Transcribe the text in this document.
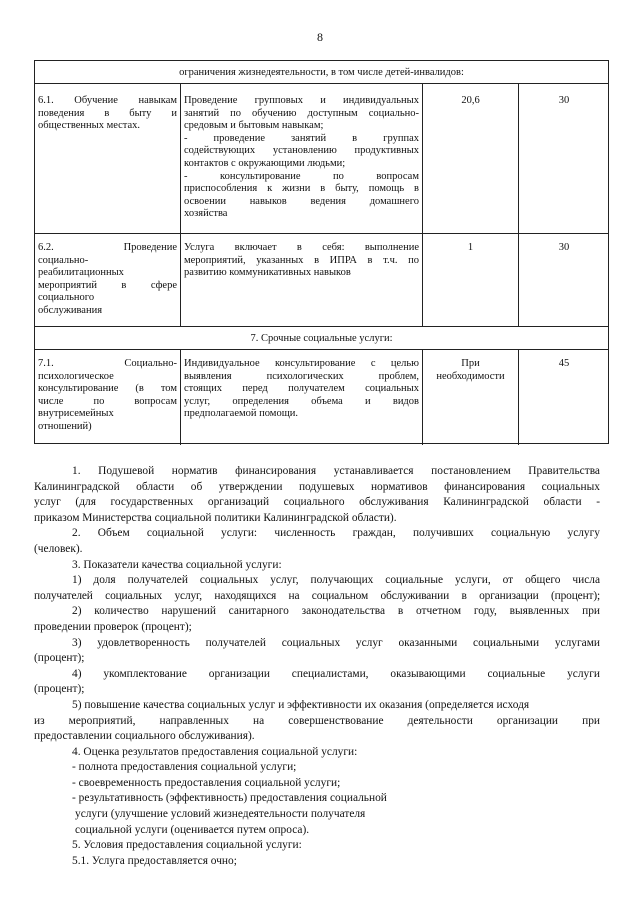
8
ограничения жизнедеятельности, в том числе детей-инвалидов:
6.1. Обучение навыкам
поведения в быту и
общественных местах.
Проведение групповых и индивидуальных
занятий по обучению доступным социально-
средовым и бытовым навыкам;
- проведение занятий в группах
содействующих установлению продуктивных
контактов с окружающими людьми;
- консультирование по вопросам
приспособления к жизни в быту, помощь в
освоении навыков ведения домашнего
хозяйства
20,6	30
6.2. Проведение
социально-
реабилитационных
мероприятий в сфере
социального
обслуживания
Услуга включает в себя: выполнение
мероприятий, указанных в ИПРА в т.ч. по
развитию коммуникативных навыков
1	30
7. Срочные социальные услуги:
7.1. Социально-
психологическое
консультирование (в том
числе по вопросам
внутрисемейных
отношений)
Индивидуальное консультирование с целью
выявления психологических проблем,
стоящих перед получателем социальных
услуг, определения объема и видов
предполагаемой помощи.
При
необходимости
45
1. Подушевой норматив финансирования устанавливается постановлением Правительства
Калининградской области об утверждении подушевых нормативов финансирования социальных
услуг (для государственных организаций социального обслуживания Калининградской области -
приказом Министерства социальной политики Калининградской области).
2. Объем социальной услуги: численность граждан, получивших социальную услугу
(человек).
3. Показатели качества социальной услуги:
1) доля получателей социальных услуг, получающих социальные услуги, от общего числа
получателей социальных услуг, находящихся на социальном обслуживании в организации (процент);
2) количество нарушений санитарного законодательства в отчетном году, выявленных при
проведении проверок (процент);
3) удовлетворенность получателей социальных услуг оказанными социальными услугами
(процент);
4) укомплектование организации специалистами, оказывающими социальные услуги
(процент);
5) повышение качества социальных услуг и эффективности их оказания (определяется исходя
из мероприятий, направленных на совершенствование деятельности организации при
предоставлении социального обслуживания).
4. Оценка результатов предоставления социальной услуги:
- полнота предоставления социальной услуги;
- своевременность предоставления социальной услуги;
- результативность (эффективность) предоставления социальной
услуги (улучшение условий жизнедеятельности получателя
социальной услуги (оценивается путем опроса).
5. Условия предоставления социальной услуги:
5.1. Услуга предоставляется очно;
